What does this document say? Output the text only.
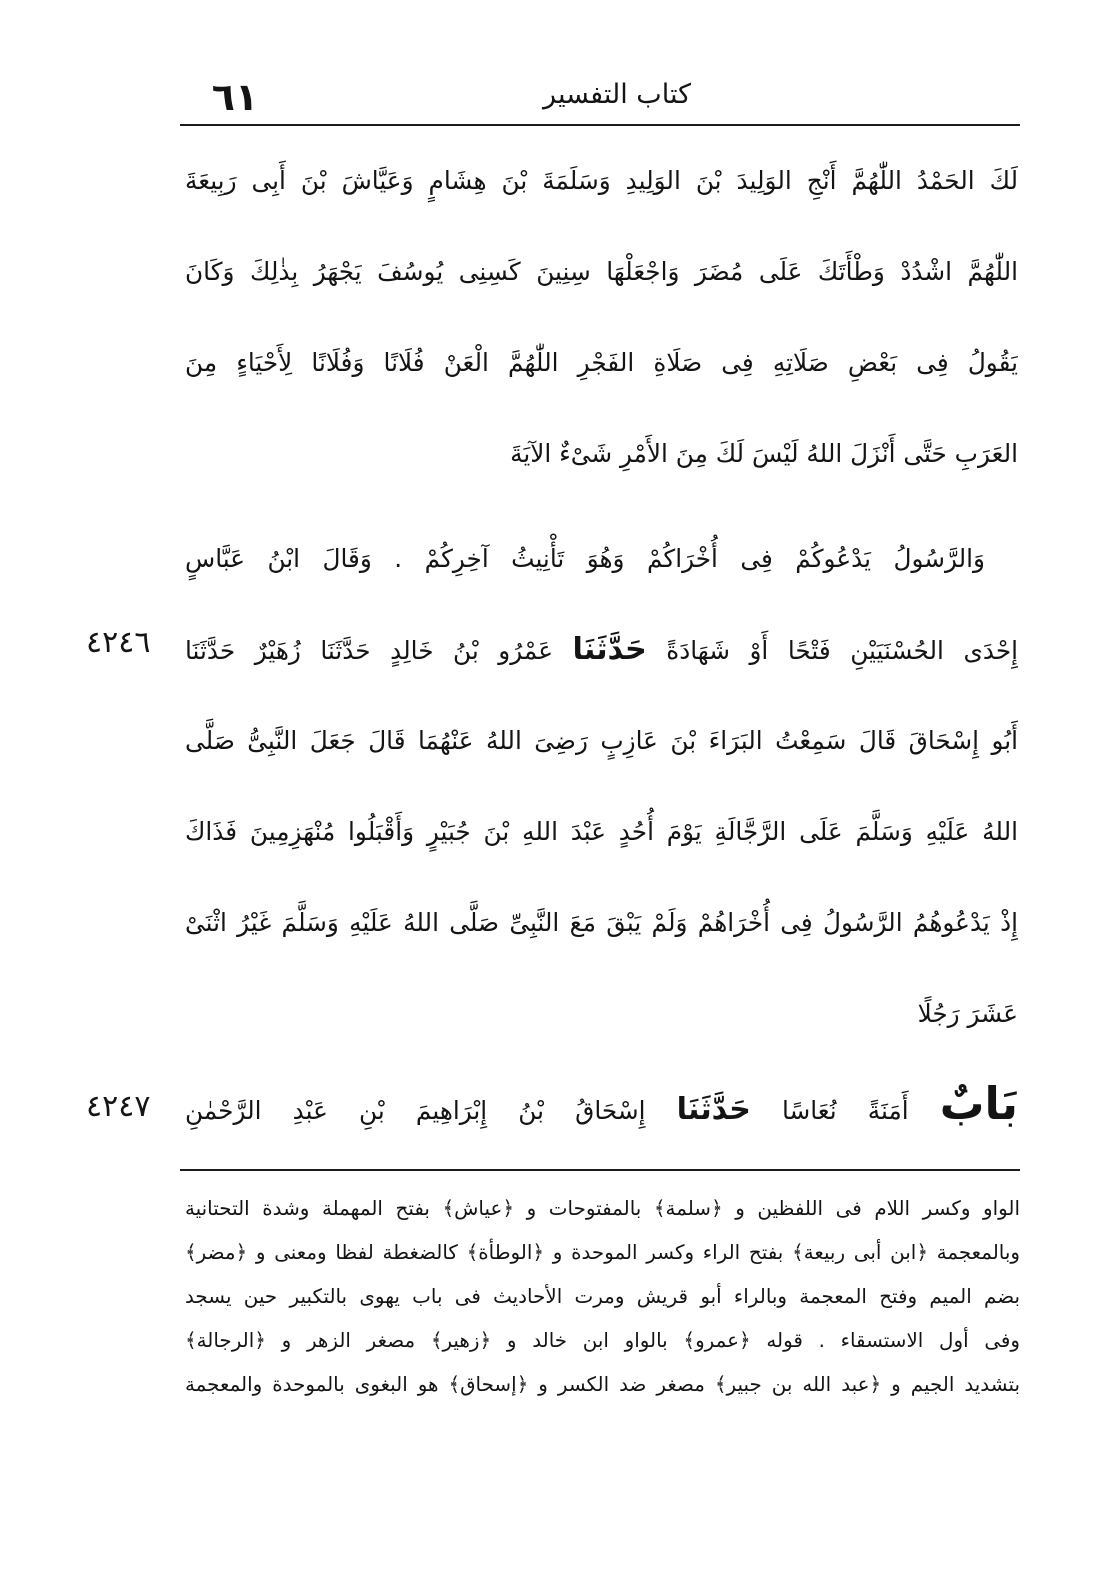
٦١	كتاب التفسير
لَكَ الحَمْدُ اللّٰهُمَّ أَنْجِ الوَلِيدَ بْنَ الوَلِيدِ وَسَلَمَةَ بْنَ هِشَامٍ وَعَيَّاشَ بْنَ أَبِى رَبِيعَةَ
اللّٰهُمَّ اشْدُدْ وَطْأَتَكَ عَلَى مُضَرَ وَاجْعَلْهَا سِنِينَ كَسِنِى يُوسُفَ يَجْهَرُ بِذٰلِكَ وَكَانَ
يَقُولُ فِى بَعْضِ صَلَاتِهِ فِى صَلَاةِ الفَجْرِ اللّٰهُمَّ الْعَنْ فُلَانًا وَفُلَانًا لِأَحْيَاءٍ مِنَ
العَرَبِ حَتَّى أَنْزَلَ اللهُ لَيْسَ لَكَ مِنَ الأَمْرِ شَىْءٌ الآيَةَ
وَالرَّسُولُ يَدْعُوكُمْ فِى أُخْرَاكُمْ وَهُوَ تَأْنِيثُ آخِرِكُمْ . وَقَالَ ابْنُ عَبَّاسٍ
إِحْدَى الحُسْنَيَيْنِ فَتْحًا أَوْ شَهَادَةً حَدَّثَنَا عَمْرُو بْنُ خَالِدٍ حَدَّثَنَا زُهَيْرٌ حَدَّثَنَا
أَبُو إِسْحَاقَ قَالَ سَمِعْتُ البَرَاءَ بْنَ عَازِبٍ رَضِىَ اللهُ عَنْهُمَا قَالَ جَعَلَ النَّبِىُّ صَلَّى
اللهُ عَلَيْهِ وَسَلَّمَ عَلَى الرَّجَّالَةِ يَوْمَ أُحُدٍ عَبْدَ اللهِ بْنَ جُبَيْرٍ وَأَقْبَلُوا مُنْهَزِمِينَ فَذَاكَ
إِذْ يَدْعُوهُمُ الرَّسُولُ فِى أُخْرَاهُمْ وَلَمْ يَبْقَ مَعَ النَّبِىِّ صَلَّى اللهُ عَلَيْهِ وَسَلَّمَ غَيْرُ اثْنَىْ
عَشَرَ رَجُلًا
بَابٌ أَمَنَةً نُعَاسًا حَدَّثَنَا إِسْحَاقُ بْنُ إِبْرَاهِيمَ بْنِ عَبْدِ الرَّحْمٰنِ
٤٢٤٦
٤٢٤٧
الواو وكسر اللام فى اللفظين و ﴿سلمة﴾ بالمفتوحات و ﴿عياش﴾ بفتح المهملة وشدة التحتانية
وبالمعجمة ﴿ابن أبى ربيعة﴾ بفتح الراء وكسر الموحدة و ﴿الوطأة﴾ كالضغطة لفظا ومعنى و ﴿مضر﴾
بضم الميم وفتح المعجمة وبالراء أبو قريش ومرت الأحاديث فى باب يهوى بالتكبير حين يسجد
وفى أول الاستسقاء . قوله ﴿عمرو﴾ بالواو ابن خالد و ﴿زهير﴾ مصغر الزهر و ﴿الرجالة﴾
بتشديد الجيم و ﴿عبد الله بن جبير﴾ مصغر ضد الكسر و ﴿إسحاق﴾ هو البغوى بالموحدة والمعجمة
